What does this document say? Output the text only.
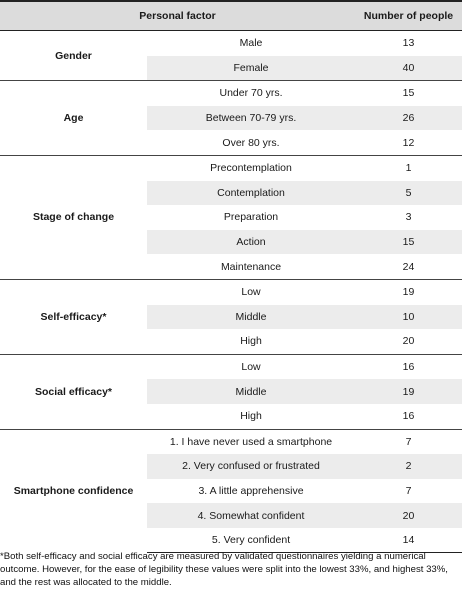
Personal factor		Number of people
Gender	Male	13
	Female	40
Age	Under 70 yrs.	15
	Between 70-79 yrs.	26
	Over 80 yrs.	12
Stage of change	Precontemplation	1
	Contemplation	5
	Preparation	3
	Action	15
	Maintenance	24
Self-efficacy*	Low	19
	Middle	10
	High	20
Social efficacy*	Low	16
	Middle	19
	High	16
Smartphone confidence	1. I have never used a smartphone	7
	2. Very confused or frustrated	2
	3. A little apprehensive	7
	4. Somewhat confident	20
	5. Very confident	14
*Both self-efficacy and social efficacy are measured by validated questionnaires yielding a numerical outcome. However, for the ease of legibility these values were split into the lowest 33%, and highest 33%, and the rest was allocated to the middle.
